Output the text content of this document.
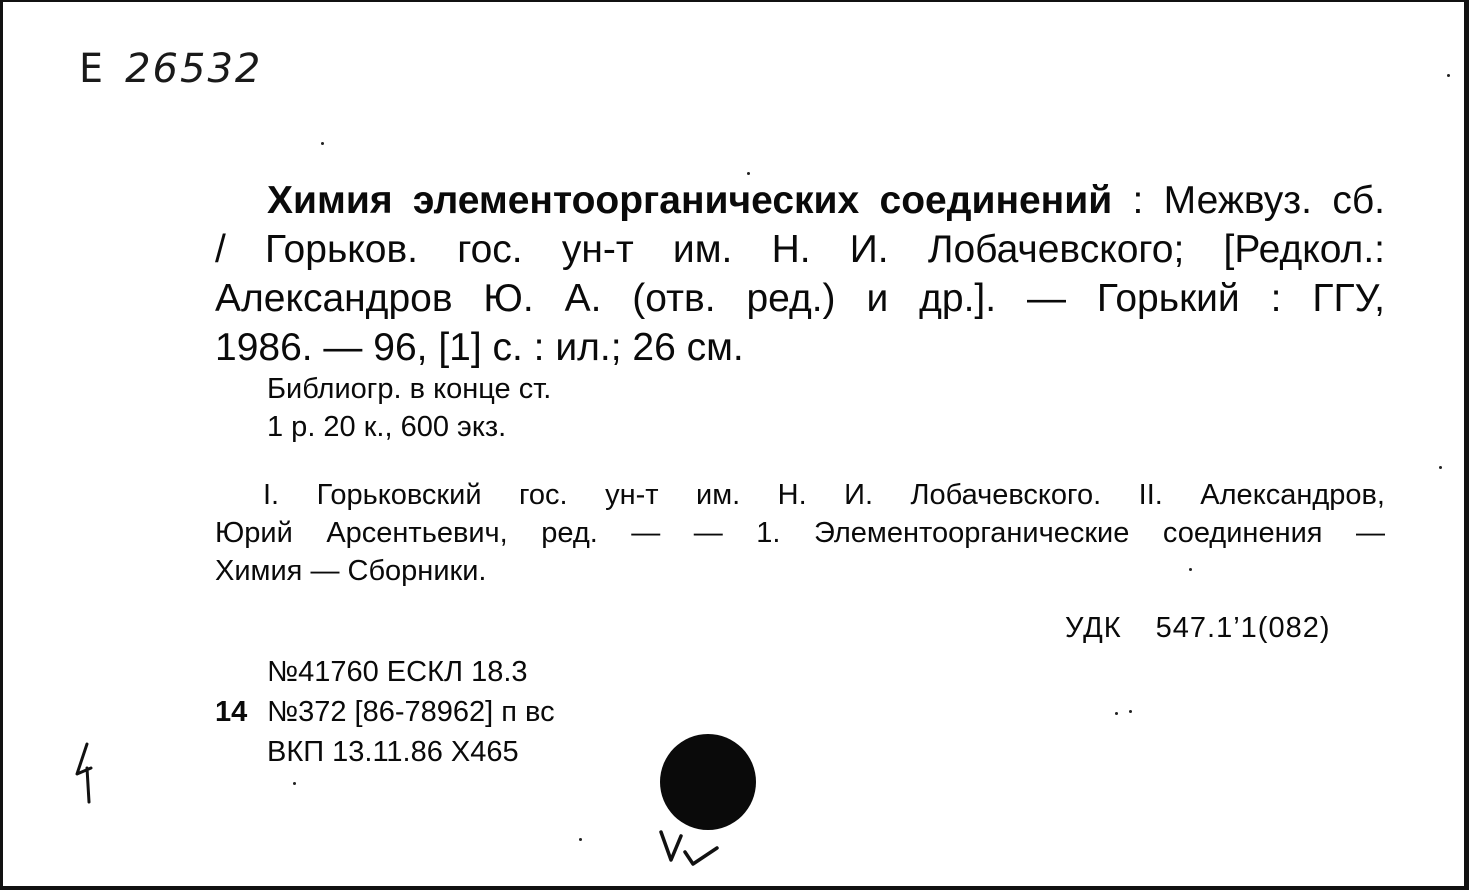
Е 26532
Химия элементоорганических соединений : Межвуз. сб.
/ Горьков. гос. ун-т им. Н. И. Лобачевского; [Редкол.:
Александров Ю. А. (отв. ред.) и др.]. — Горький : ГГУ,
1986. — 96, [1] с. : ил.; 26 см.
Библиогр. в конце ст.
1 р. 20 к., 600 экз.
I. Горьковский гос. ун-т им. Н. И. Лобачевского. II. Александров,
Юрий Арсентьевич, ред. — — 1. Элементоорганические соединения —
Химия — Сборники.
УДК 547.1’1(082)
№41760 ЕСКЛ 18.3
14 №372 [86-78962] п вс
ВКП 13.11.86 Х465
